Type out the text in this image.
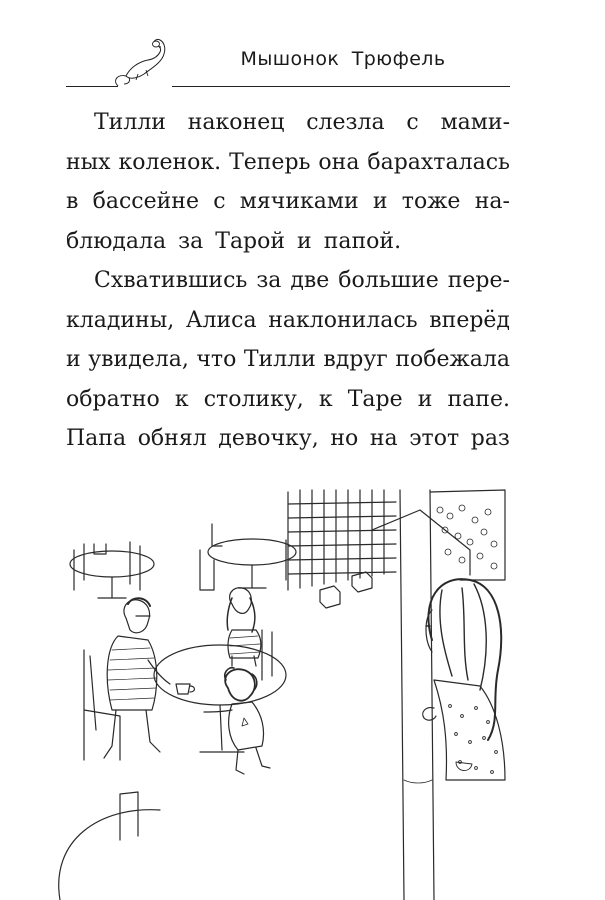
Мышонок Трюфель
Тилли наконец слезла с мами-
ных коленок. Теперь она барахталась
в бассейне с мячиками и тоже на-
блюдала за Тарой и папой.
Схватившись за две большие пере-
кладины, Алиса наклонилась вперёд
и увидела, что Тилли вдруг побежала
обратно к столику, к Таре и папе.
Папа обнял девочку, но на этот раз
